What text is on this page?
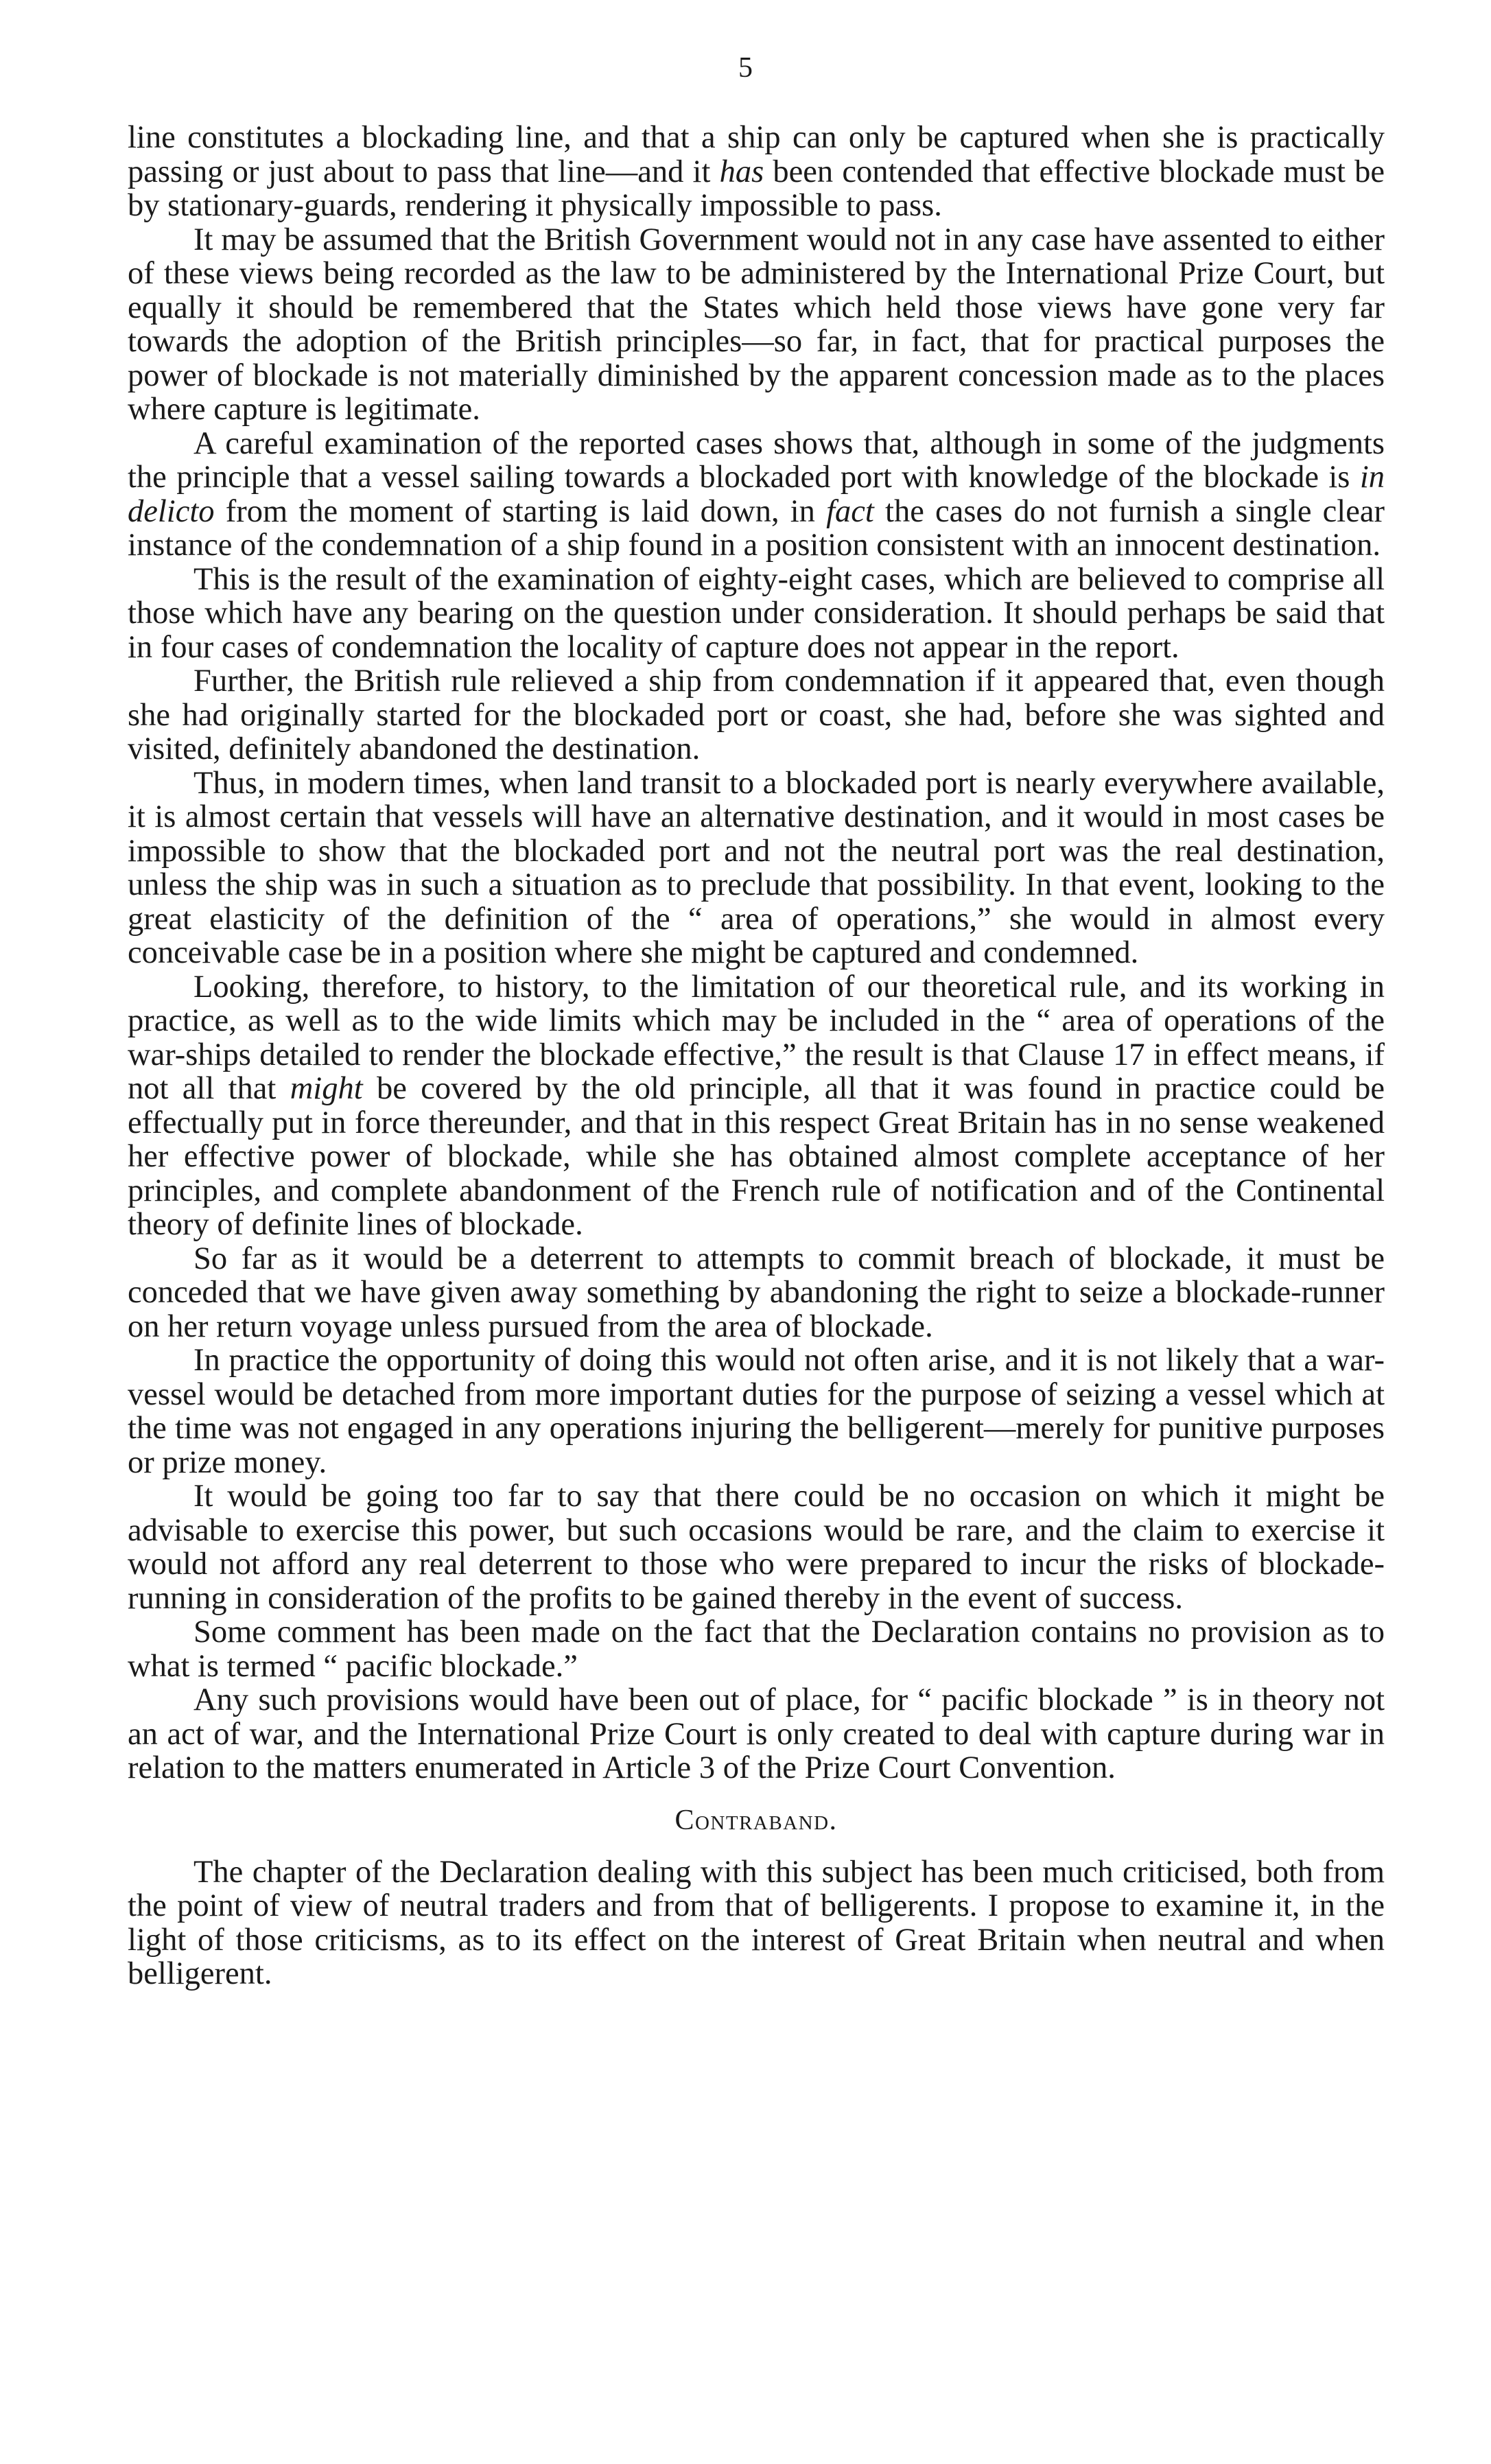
5

line constitutes a blockading line, and that a ship can only be captured when she is practically passing or just about to pass that line—and it has been contended that effective blockade must be by stationary-guards, rendering it physically impossible to pass.

It may be assumed that the British Government would not in any case have assented to either of these views being recorded as the law to be administered by the International Prize Court, but equally it should be remembered that the States which held those views have gone very far towards the adoption of the British principles—so far, in fact, that for practical purposes the power of blockade is not materially diminished by the apparent concession made as to the places where capture is legitimate.

A careful examination of the reported cases shows that, although in some of the judgments the principle that a vessel sailing towards a blockaded port with knowledge of the blockade is in delicto from the moment of starting is laid down, in fact the cases do not furnish a single clear instance of the condemnation of a ship found in a position consistent with an innocent destination.

This is the result of the examination of eighty-eight cases, which are believed to comprise all those which have any bearing on the question under consideration. It should perhaps be said that in four cases of condemnation the locality of capture does not appear in the report.

Further, the British rule relieved a ship from condemnation if it appeared that, even though she had originally started for the blockaded port or coast, she had, before she was sighted and visited, definitely abandoned the destination.

Thus, in modern times, when land transit to a blockaded port is nearly everywhere available, it is almost certain that vessels will have an alternative destination, and it would in most cases be impossible to show that the blockaded port and not the neutral port was the real destination, unless the ship was in such a situation as to preclude that possibility. In that event, looking to the great elasticity of the definition of the “ area of operations,” she would in almost every conceivable case be in a position where she might be captured and condemned.

Looking, therefore, to history, to the limitation of our theoretical rule, and its working in practice, as well as to the wide limits which may be included in the “ area of operations of the war-ships detailed to render the blockade effective,” the result is that Clause 17 in effect means, if not all that might be covered by the old principle, all that it was found in practice could be effectually put in force thereunder, and that in this respect Great Britain has in no sense weakened her effective power of blockade, while she has obtained almost complete acceptance of her principles, and complete abandonment of the French rule of notification and of the Continental theory of definite lines of blockade.

So far as it would be a deterrent to attempts to commit breach of blockade, it must be conceded that we have given away something by abandoning the right to seize a blockade-runner on her return voyage unless pursued from the area of blockade.

In practice the opportunity of doing this would not often arise, and it is not likely that a war-vessel would be detached from more important duties for the purpose of seizing a vessel which at the time was not engaged in any operations injuring the belligerent—merely for punitive purposes or prize money.

It would be going too far to say that there could be no occasion on which it might be advisable to exercise this power, but such occasions would be rare, and the claim to exercise it would not afford any real deterrent to those who were prepared to incur the risks of blockade-running in consideration of the profits to be gained thereby in the event of success.

Some comment has been made on the fact that the Declaration contains no provision as to what is termed “ pacific blockade.”

Any such provisions would have been out of place, for “ pacific blockade ” is in theory not an act of war, and the International Prize Court is only created to deal with capture during war in relation to the matters enumerated in Article 3 of the Prize Court Convention.

Contraband.

The chapter of the Declaration dealing with this subject has been much criticised, both from the point of view of neutral traders and from that of belligerents. I propose to examine it, in the light of those criticisms, as to its effect on the interest of Great Britain when neutral and when belligerent.
